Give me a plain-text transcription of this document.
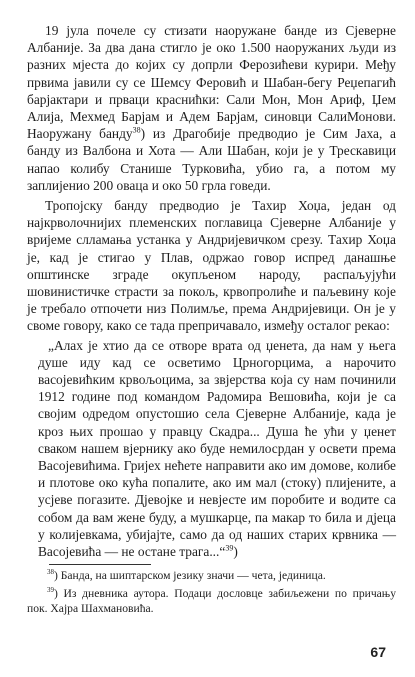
19 јула почеле су стизати наоружане банде из Сјеверне Албаније. За два дана стигло је око 1.500 наоружаних људи из разних мјеста до којих су допрли Ферозићеви курири. Међу првима јавили су се Шемсу Феровић и Шабан-бегу Реџепагић барјактари и прваци краснићки: Сали Мон, Мон Ариф, Џем Алија, Мехмед Барјам и Адем Барјам, синовци СалиМонови. Наоружану банду$^{38}$) из Драгобије предводио је Сим Јаха, а банду из Валбона и Хота — Али Шабан, који је у Трескавици напао колибу Станише Турковића, убио га, а потом му заплијенио 200 оваца и око 50 грла говеди.

Тропојску банду предводио је Тахир Хоџа, један од најкрволочнијих племенских поглавица Сјеверне Албаније у вријеме слламања устанка у Андријевичком срезу. Тахир Хоџа је, кад је стигао у Плав, одржао говор испред данашње општинске зграде окупљеном народу, распаљујући шовинистичке страсти за покољ, крвопролиће и паљевину које је требало отпочети низ Полимље, према Андријевици. Он је у своме говору, како се тада препричавало, између осталог рекао:

„Алах је хтио да се отворе врата од џенета, да нам у њега душе иду кад се осветимо Црногорцима, а нарочито васојевићким крвољоцима, за звјерства која су нам починили 1912 године под командом Радомира Вешовића, који је са својим одредом опустошио села Сјеверне Албаније, када је кроз њих прошао у правцу Скадра... Душа ће ући у џенет сваком нашем вјернику ако буде немилосрдан у освети према Васојевићима. Гријех нећете направити ако им домове, колибе и плотове око кућа попалите, ако им мал (стоку) плијените, а усјеве погазите. Дјевојке и невјесте им поробите и водите са собом да вам жене буду, а мушкарце, па макар то била и дјеца у колијевкама, убијајте, само да од наших старих крвника — Васојевића — не остане трага...“$^{39}$)

$^{38}$) Банда, на шиптарском језику значи — чета, јединица.

$^{39}$) Из дневника аутора. Подаци дословце забиљежени по причању пок. Хајра Шахмановића.

67
